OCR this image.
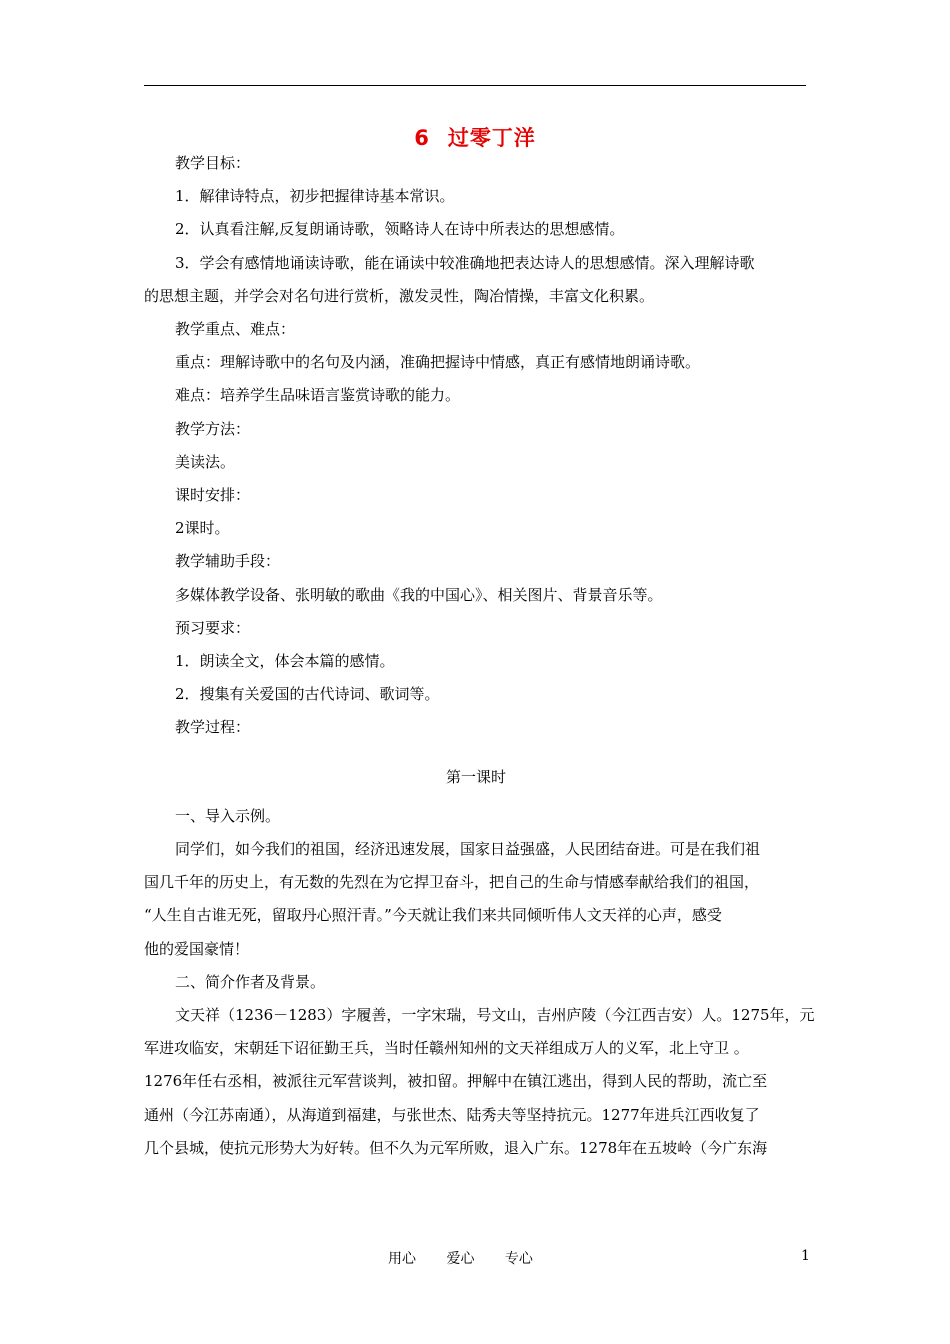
6 过零丁洋

教学目标：

1．解律诗特点，初步把握律诗基本常识。

2．认真看注解,反复朗诵诗歌，领略诗人在诗中所表达的思想感情。

3．学会有感情地诵读诗歌，能在诵读中较准确地把表达诗人的思想感情。深入理解诗歌

的思想主题，并学会对名句进行赏析，激发灵性，陶冶情操，丰富文化积累。

教学重点、难点：

重点：理解诗歌中的名句及内涵，准确把握诗中情感，真正有感情地朗诵诗歌。

难点：培养学生品味语言鉴赏诗歌的能力。

教学方法：

美读法。

课时安排：

2课时。

教学辅助手段：

多媒体教学设备、张明敏的歌曲《我的中国心》、相关图片、背景音乐等。

预习要求：

1．朗读全文，体会本篇的感情。

2．搜集有关爱国的古代诗词、歌词等。

教学过程：

第一课时

一、导入示例。

同学们，如今我们的祖国，经济迅速发展，国家日益强盛，人民团结奋进。可是在我们祖

国几千年的历史上，有无数的先烈在为它捍卫奋斗，把自己的生命与情感奉献给我们的祖国，

“人生自古谁无死，留取丹心照汗青。”今天就让我们来共同倾听伟人文天祥的心声，感受

他的爱国豪情！

二、简介作者及背景。

文天祥（1236－1283）字履善，一字宋瑞，号文山，吉州庐陵（今江西吉安）人。1275年，元

军进攻临安，宋朝廷下诏征勤王兵，当时任赣州知州的文天祥组成万人的义军，北上守卫 。

1276年任右丞相，被派往元军营谈判，被扣留。押解中在镇江逃出，得到人民的帮助，流亡至

通州（今江苏南通），从海道到福建，与张世杰、陆秀夫等坚持抗元。1277年进兵江西收复了

几个县城，使抗元形势大为好转。但不久为元军所败，退入广东。1278年在五坡岭（今广东海

用心 爱心 专心	1
